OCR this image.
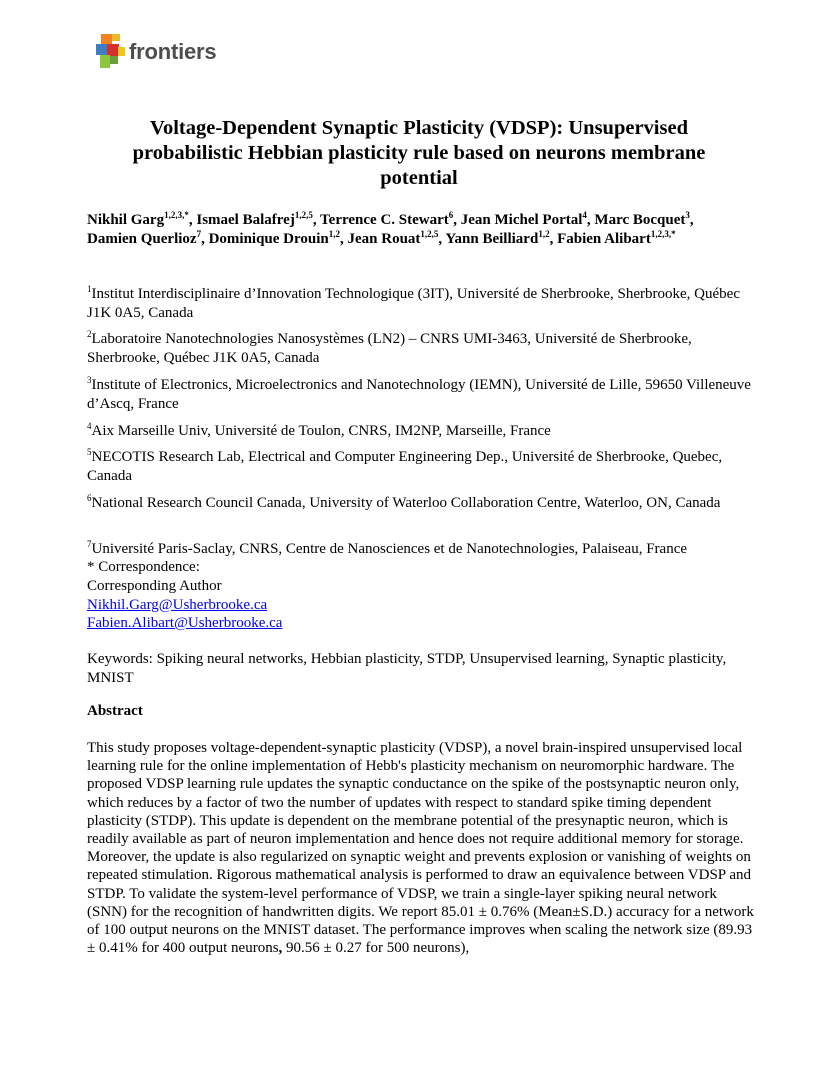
frontiers
Voltage-Dependent Synaptic Plasticity (VDSP): Unsupervised probabilistic Hebbian plasticity rule based on neurons membrane potential

Nikhil Garg$^{1,2,3,*}$, Ismael Balafrej$^{1,2,5}$, Terrence C. Stewart$^6$, Jean Michel Portal$^4$, Marc Bocquet$^3$, Damien Querlioz$^7$, Dominique Drouin$^{1,2}$, Jean Rouat$^{1,2,5}$, Yann Beilliard$^{1,2}$, Fabien Alibart$^{1,2,3,*}$

$^1$Institut Interdisciplinaire d’Innovation Technologique (3IT), Université de Sherbrooke, Sherbrooke, Québec J1K 0A5, Canada

$^2$Laboratoire Nanotechnologies Nanosystèmes (LN2) – CNRS UMI-3463, Université de Sherbrooke, Sherbrooke, Québec J1K 0A5, Canada

$^3$Institute of Electronics, Microelectronics and Nanotechnology (IEMN), Université de Lille, 59650 Villeneuve d’Ascq, France

$^4$Aix Marseille Univ, Université de Toulon, CNRS, IM2NP, Marseille, France

$^5$NECOTIS Research Lab, Electrical and Computer Engineering Dep., Université de Sherbrooke, Quebec, Canada

$^6$National Research Council Canada, University of Waterloo Collaboration Centre, Waterloo, ON, Canada

$^7$Université Paris-Saclay, CNRS, Centre de Nanosciences et de Nanotechnologies, Palaiseau, France

* Correspondence:

Corresponding Author

Nikhil.Garg@Usherbrooke.ca

Fabien.Alibart@Usherbrooke.ca

Keywords: Spiking neural networks, Hebbian plasticity, STDP, Unsupervised learning, Synaptic plasticity, MNIST

Abstract

This study proposes voltage-dependent-synaptic plasticity (VDSP), a novel brain-inspired unsupervised local learning rule for the online implementation of Hebb's plasticity mechanism on neuromorphic hardware. The proposed VDSP learning rule updates the synaptic conductance on the spike of the postsynaptic neuron only, which reduces by a factor of two the number of updates with respect to standard spike timing dependent plasticity (STDP). This update is dependent on the membrane potential of the presynaptic neuron, which is readily available as part of neuron implementation and hence does not require additional memory for storage. Moreover, the update is also regularized on synaptic weight and prevents explosion or vanishing of weights on repeated stimulation. Rigorous mathematical analysis is performed to draw an equivalence between VDSP and STDP. To validate the system-level performance of VDSP, we train a single-layer spiking neural network (SNN) for the recognition of handwritten digits. We report 85.01 ± 0.76% (Mean±S.D.) accuracy for a network of 100 output neurons on the MNIST dataset. The performance improves when scaling the network size (89.93 ± 0.41% for 400 output neurons, 90.56 ± 0.27 for 500 neurons),
